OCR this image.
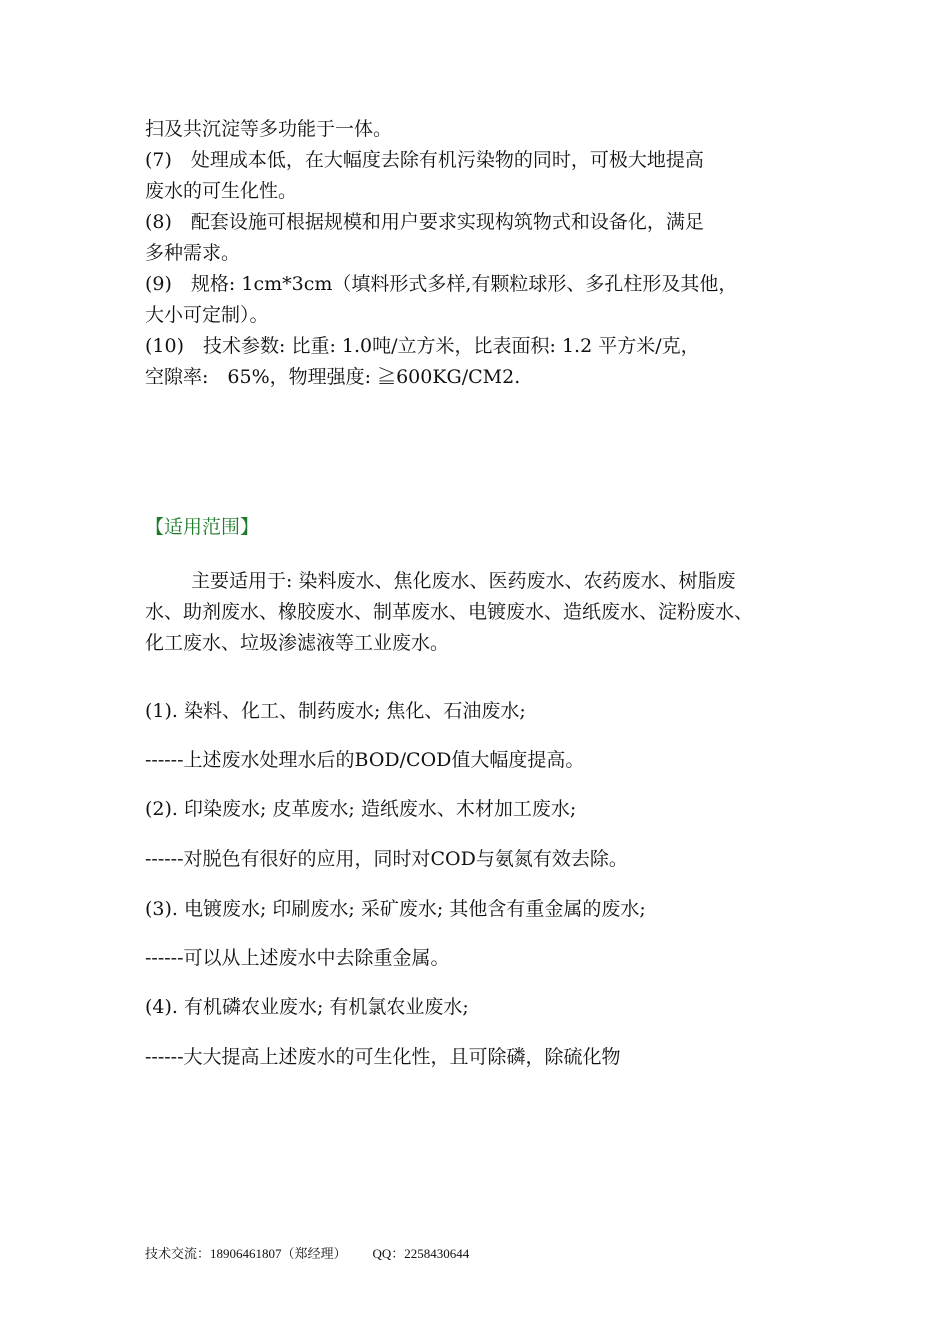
扫及共沉淀等多功能于一体。
(7)　处理成本低，在大幅度去除有机污染物的同时，可极大地提高
废水的可生化性。
(8)　配套设施可根据规模和用户要求实现构筑物式和设备化，满足
多种需求。
(9)　规格: 1cm*3cm（填料形式多样,有颗粒球形、多孔柱形及其他，
大小可定制）。
(10)　技术参数: 比重: 1.0吨/立方米，比表面积: 1.2 平方米/克，
空隙率:　65%，物理强度: ≧600KG/CM2.
【适用范围】
主要适用于: 染料废水、焦化废水、医药废水、农药废水、树脂废
水、助剂废水、橡胶废水、制革废水、电镀废水、造纸废水、淀粉废水、
化工废水、垃圾渗滤液等工业废水。
(1). 染料、化工、制药废水; 焦化、石油废水;
------上述废水处理水后的BOD/COD值大幅度提高。
(2). 印染废水; 皮革废水; 造纸废水、木材加工废水;
------对脱色有很好的应用，同时对COD与氨氮有效去除。
(3). 电镀废水; 印刷废水; 采矿废水; 其他含有重金属的废水;
------可以从上述废水中去除重金属。
(4). 有机磷农业废水; 有机氯农业废水;
------大大提高上述废水的可生化性，且可除磷，除硫化物
技术交流：18906461807（郑经理） QQ：2258430644
